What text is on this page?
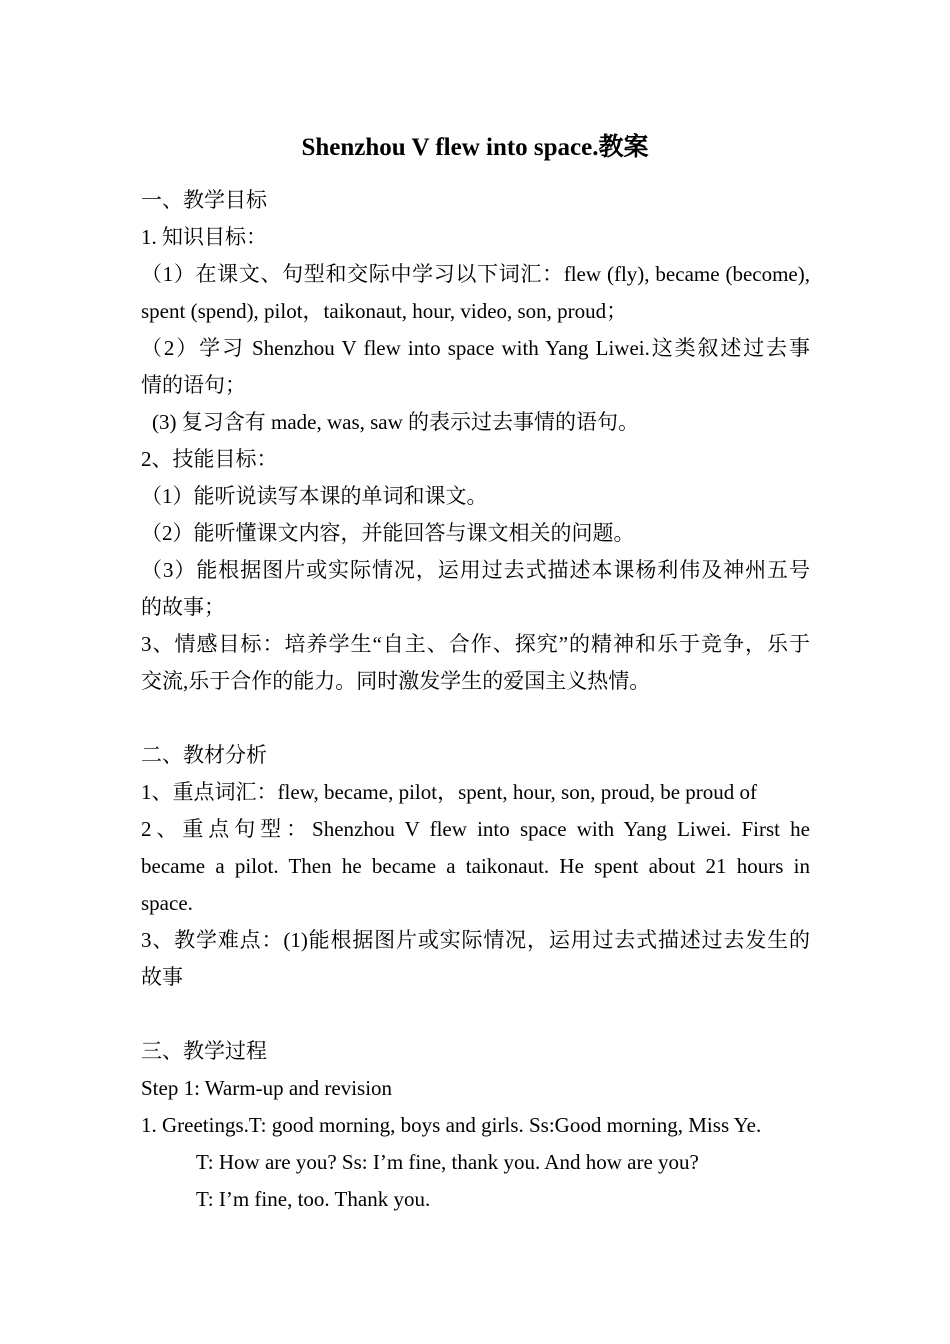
Shenzhou V flew into space.教案
一、教学目标
1. 知识目标：
（1）在课文、句型和交际中学习以下词汇：flew (fly), became (become),
spent (spend), pilot，taikonaut, hour, video, son, proud；
（2）学习 Shenzhou V flew into space with Yang Liwei.这类叙述过去事
情的语句；
(3) 复习含有 made, was, saw 的表示过去事情的语句。
2、技能目标：
（1）能听说读写本课的单词和课文。
（2）能听懂课文内容，并能回答与课文相关的问题。
（3）能根据图片或实际情况，运用过去式描述本课杨利伟及神州五号
的故事；
3、情感目标：培养学生“自主、合作、探究”的精神和乐于竞争，乐于
交流,乐于合作的能力。同时激发学生的爱国主义热情。
二、教材分析
1、重点词汇：flew, became, pilot，spent, hour, son, proud, be proud of
2、重点句型：Shenzhou V flew into space with Yang Liwei. First he
became a pilot. Then he became a taikonaut. He spent about 21 hours in
space.
3、教学难点：(1)能根据图片或实际情况，运用过去式描述过去发生的
故事
三、教学过程
Step 1: Warm-up and revision
1. Greetings.T: good morning, boys and girls. Ss:Good morning, Miss Ye.
T: How are you? Ss: I’m fine, thank you. And how are you?
T: I’m fine, too. Thank you.
